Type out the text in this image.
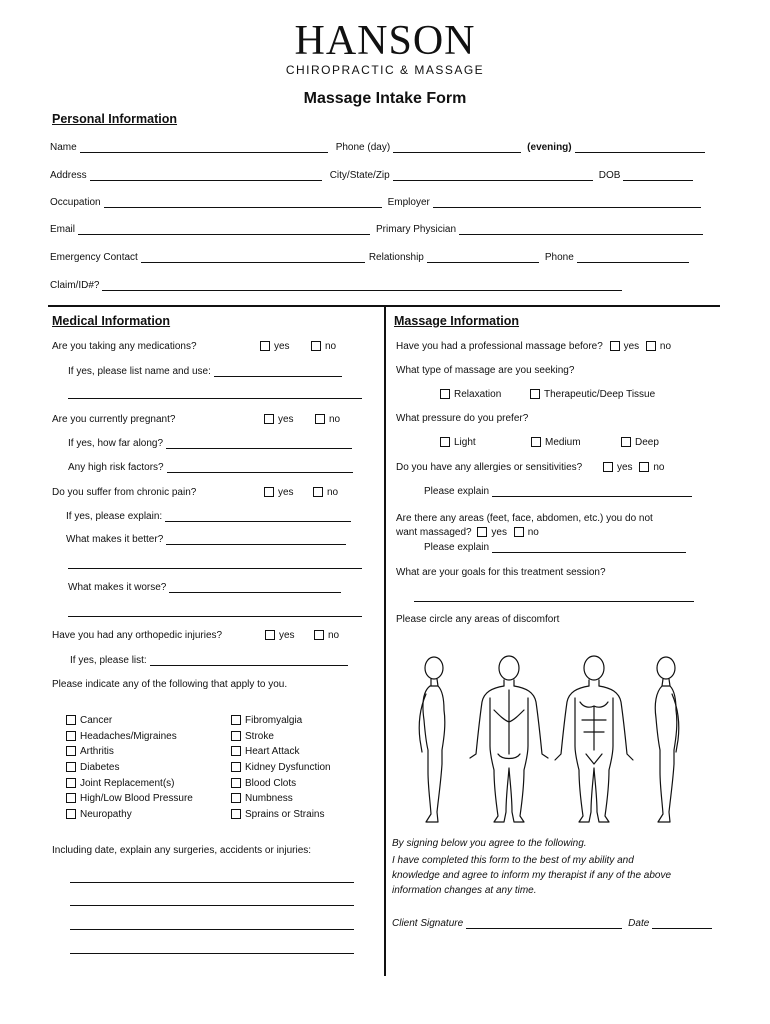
HANSON
CHIROPRACTIC & MASSAGE
Massage Intake Form
Personal Information
Name	Phone (day)	(evening)
Address	City/State/Zip	DOB
Occupation	Employer
Email	Primary Physician
Emergency Contact	Relationship	Phone
Claim/ID#?
Medical Information
Are you taking any medications?	yes	no
If yes, please list name and use:
Are you currently pregnant?	yes	no
If yes, how far along?
Any high risk factors?
Do you suffer from chronic pain?	yes	no
If yes, please explain:
What makes it better?
What makes it worse?
Have you had any orthopedic injuries?	yes	no
If yes, please list:
Please indicate any of the following that apply to you.
Cancer
Headaches/Migraines
Arthritis
Diabetes
Joint Replacement(s)
High/Low Blood Pressure
Neuropathy
Fibromyalgia
Stroke
Heart Attack
Kidney Dysfunction
Blood Clots
Numbness
Sprains or Strains
Including date, explain any surgeries, accidents or injuries:
Massage Information
Have you had a professional massage before? yes no
What type of massage are you seeking?
Relaxation	Therapeutic/Deep Tissue
What pressure do you prefer?
Light	Medium	Deep
Do you have any allergies or sensitivities?	yes no
Please explain
Are there any areas (feet, face, abdomen, etc.) you do not
want massaged? yes no
Please explain
What are your goals for this treatment session?
Please circle any areas of discomfort
By signing below you agree to the following.
I have completed this form to the best of my ability and
knowledge and agree to inform my therapist if any of the above
information changes at any time.
Client Signature	Date
